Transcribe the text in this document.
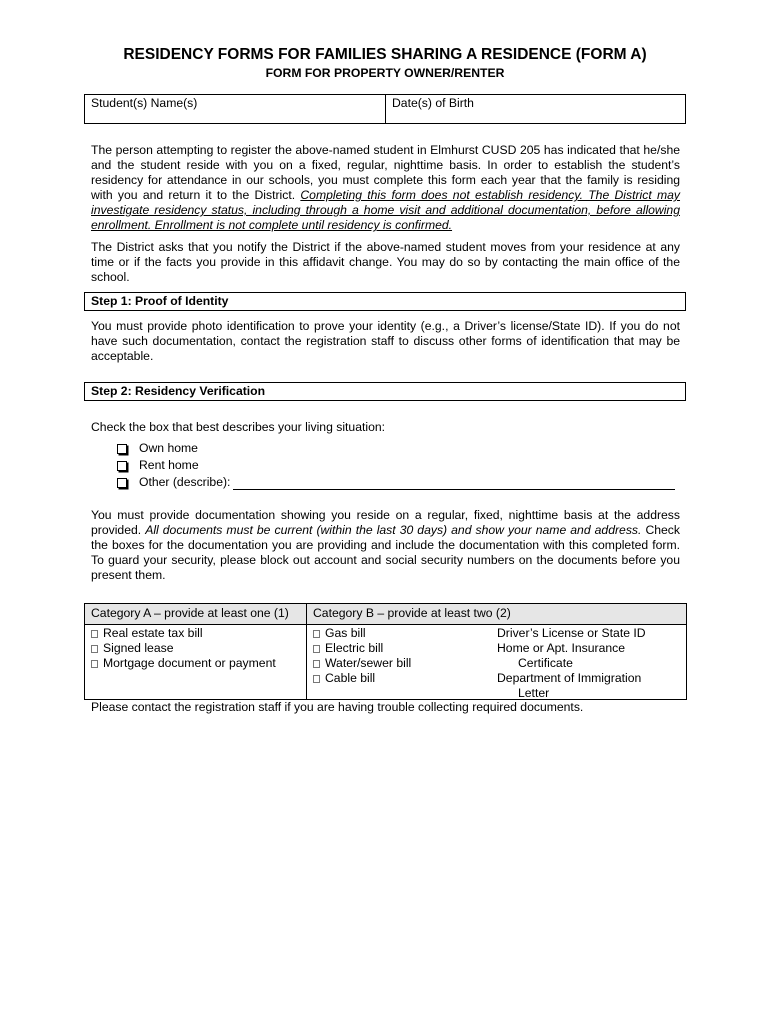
RESIDENCY FORMS FOR FAMILIES SHARING A RESIDENCE (FORM A)
FORM FOR PROPERTY OWNER/RENTER
Student(s) Name(s)	Date(s) of Birth

The person attempting to register the above-named student in Elmhurst CUSD 205 has indicated that he/she and the student reside with you on a fixed, regular, nighttime basis. In order to establish the student’s residency for attendance in our schools, you must complete this form each year that the family is residing with you and return it to the District. Completing this form does not establish residency. The District may investigate residency status, including through a home visit and additional documentation, before allowing enrollment. Enrollment is not complete until residency is confirmed.

The District asks that you notify the District if the above-named student moves from your residence at any time or if the facts you provide in this affidavit change. You may do so by contacting the main office of the school.

Step 1: Proof of Identity

You must provide photo identification to prove your identity (e.g., a Driver’s license/State ID). If you do not have such documentation, contact the registration staff to discuss other forms of identification that may be acceptable.

Step 2: Residency Verification

Check the box that best describes your living situation:

Own home
Rent home
Other (describe):

You must provide documentation showing you reside on a regular, fixed, nighttime basis at the address provided. All documents must be current (within the last 30 days) and show your name and address. Check the boxes for the documentation you are providing and include the documentation with this completed form. To guard your security, please block out account and social security numbers on the documents before you present them.

Category A – provide at least one (1)	Category B – provide at least two (2)
Real estate tax bill
Signed lease
Mortgage document or payment
Gas bill
Electric bill
Water/sewer bill
Cable bill
Driver’s License or State ID
Home or Apt. Insurance
Certificate
Department of Immigration
Letter
Please contact the registration staff if you are having trouble collecting required documents.
